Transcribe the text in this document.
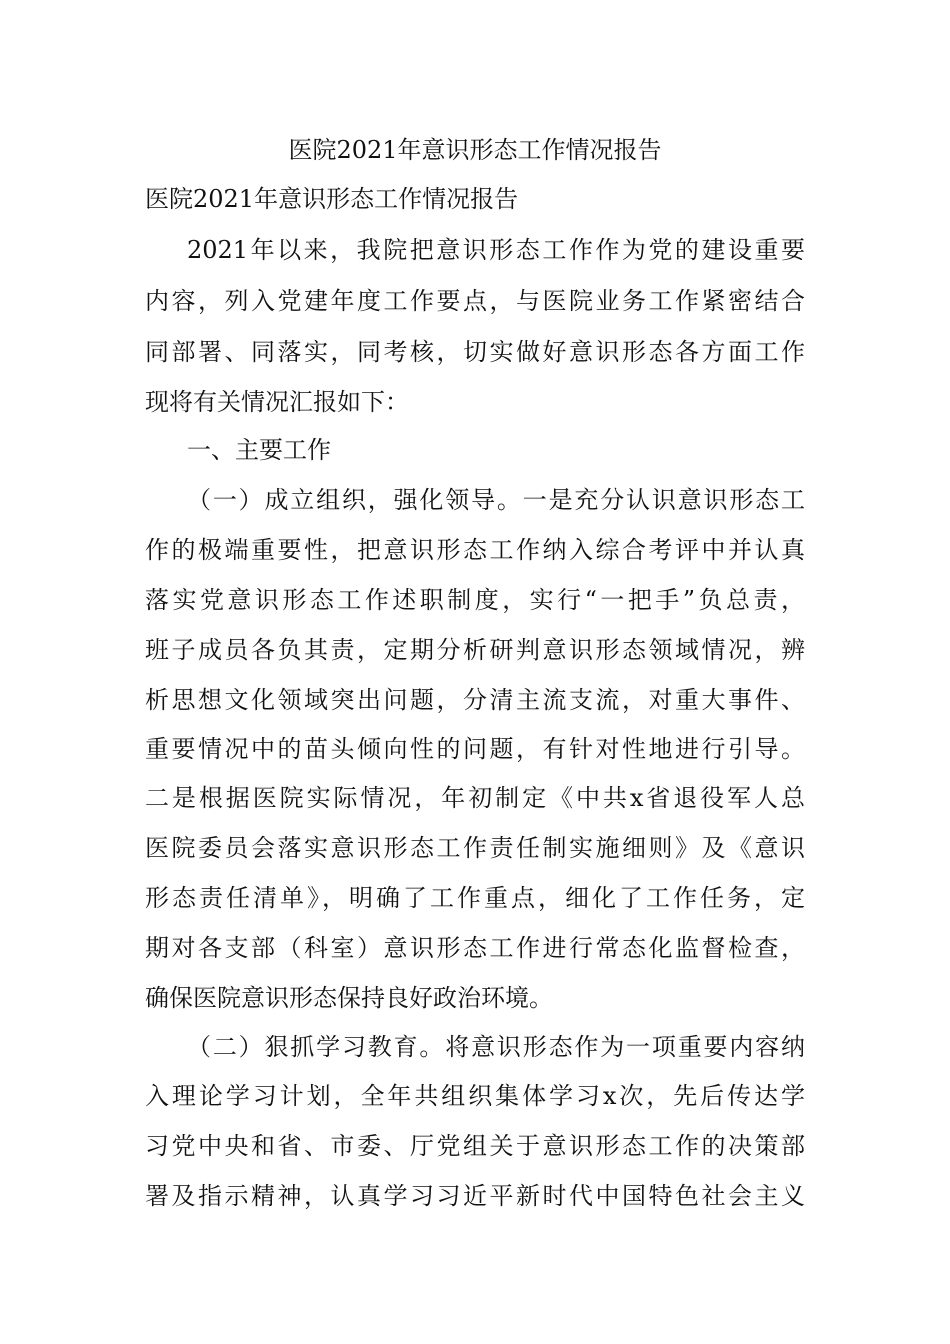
医院2021年意识形态工作情况报告
医院2021年意识形态工作情况报告
2021年以来，我院把意识形态工作作为党的建设重要
内容，列入党建年度工作要点，与医院业务工作紧密结合
同部署、同落实，同考核，切实做好意识形态各方面工作
现将有关情况汇报如下：
一、主要工作
（一）成立组织，强化领导。一是充分认识意识形态工
作的极端重要性，把意识形态工作纳入综合考评中并认真
落实党意识形态工作述职制度，实行“一把手”负总责，
班子成员各负其责，定期分析研判意识形态领域情况，辨
析思想文化领域突出问题，分清主流支流，对重大事件、
重要情况中的苗头倾向性的问题，有针对性地进行引导。
二是根据医院实际情况，年初制定《中共x省退役军人总
医院委员会落实意识形态工作责任制实施细则》及《意识
形态责任清单》，明确了工作重点，细化了工作任务，定
期对各支部（科室）意识形态工作进行常态化监督检查，
确保医院意识形态保持良好政治环境。
（二）狠抓学习教育。将意识形态作为一项重要内容纳
入理论学习计划，全年共组织集体学习x次，先后传达学
习党中央和省、市委、厅党组关于意识形态工作的决策部
署及指示精神，认真学习习近平新时代中国特色社会主义
